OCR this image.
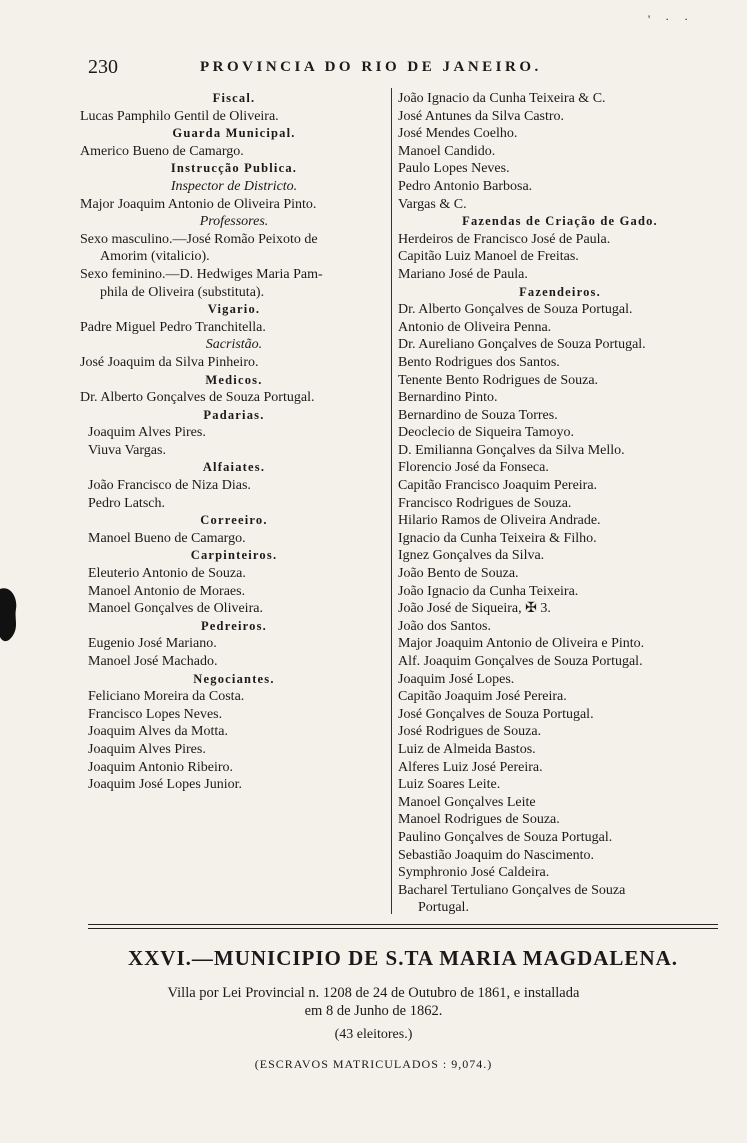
' · ·
230	PROVINCIA DO RIO DE JANEIRO.
Fiscal.
Lucas Pamphilo Gentil de Oliveira.
Guarda Municipal.
Americo Bueno de Camargo.
Instrucção Publica.
Inspector de Districto.
Major Joaquim Antonio de Oliveira Pinto.
Professores.
Sexo masculino.—José Romão Peixoto de
Amorim (vitalicio).
Sexo feminino.—D. Hedwiges Maria Pam-
phila de Oliveira (substituta).
Vigario.
Padre Miguel Pedro Tranchitella.
Sacristão.
José Joaquim da Silva Pinheiro.
Medicos.
Dr. Alberto Gonçalves de Souza Portugal.
Padarias.
Joaquim Alves Pires.
Viuva Vargas.
Alfaiates.
João Francisco de Niza Dias.
Pedro Latsch.
Correeiro.
Manoel Bueno de Camargo.
Carpinteiros.
Eleuterio Antonio de Souza.
Manoel Antonio de Moraes.
Manoel Gonçalves de Oliveira.
Pedreiros.
Eugenio José Mariano.
Manoel José Machado.
Negociantes.
Feliciano Moreira da Costa.
Francisco Lopes Neves.
Joaquim Alves da Motta.
Joaquim Alves Pires.
Joaquim Antonio Ribeiro.
Joaquim José Lopes Junior.
João Ignacio da Cunha Teixeira & C.
José Antunes da Silva Castro.
José Mendes Coelho.
Manoel Candido.
Paulo Lopes Neves.
Pedro Antonio Barbosa.
Vargas & C.
Fazendas de Criação de Gado.
Herdeiros de Francisco José de Paula.
Capitão Luiz Manoel de Freitas.
Mariano José de Paula.
Fazendeiros.
Dr. Alberto Gonçalves de Souza Portugal.
Antonio de Oliveira Penna.
Dr. Aureliano Gonçalves de Souza Portugal.
Bento Rodrigues dos Santos.
Tenente Bento Rodrigues de Souza.
Bernardino Pinto.
Bernardino de Souza Torres.
Deoclecio de Siqueira Tamoyo.
D. Emilianna Gonçalves da Silva Mello.
Florencio José da Fonseca.
Capitão Francisco Joaquim Pereira.
Francisco Rodrigues de Souza.
Hilario Ramos de Oliveira Andrade.
Ignacio da Cunha Teixeira & Filho.
Ignez Gonçalves da Silva.
João Bento de Souza.
João Ignacio da Cunha Teixeira.
João José de Siqueira, ✠ 3.
João dos Santos.
Major Joaquim Antonio de Oliveira e Pinto.
Alf. Joaquim Gonçalves de Souza Portugal.
Joaquim José Lopes.
Capitão Joaquim José Pereira.
José Gonçalves de Souza Portugal.
José Rodrigues de Souza.
Luiz de Almeida Bastos.
Alferes Luiz José Pereira.
Luiz Soares Leite.
Manoel Gonçalves Leite
Manoel Rodrigues de Souza.
Paulino Gonçalves de Souza Portugal.
Sebastião Joaquim do Nascimento.
Symphronio José Caldeira.
Bacharel Tertuliano Gonçalves de Souza
Portugal.
XXVI.—MUNICIPIO DE S.TA MARIA MAGDALENA.
Villa por Lei Provincial n. 1208 de 24 de Outubro de 1861, e installada
em 8 de Junho de 1862.
(43 eleitores.)
(ESCRAVOS MATRICULADOS : 9,074.)
